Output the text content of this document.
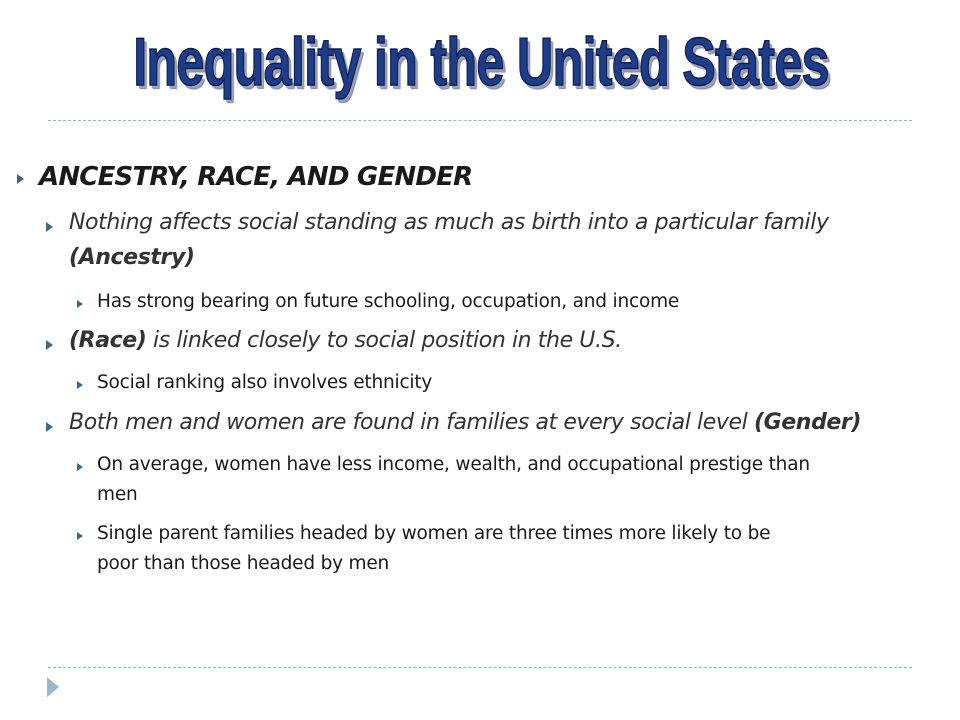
Inequality in the United States
ANCESTRY, RACE, AND GENDER
Nothing affects social standing as much as birth into a particular family
(Ancestry)
Has strong bearing on future schooling, occupation, and income
(Race) is linked closely to social position in the U.S.
Social ranking also involves ethnicity
Both men and women are found in families at every social level (Gender)
On average, women have less income, wealth, and occupational prestige than
men
Single parent families headed by women are three times more likely to be
poor than those headed by men
